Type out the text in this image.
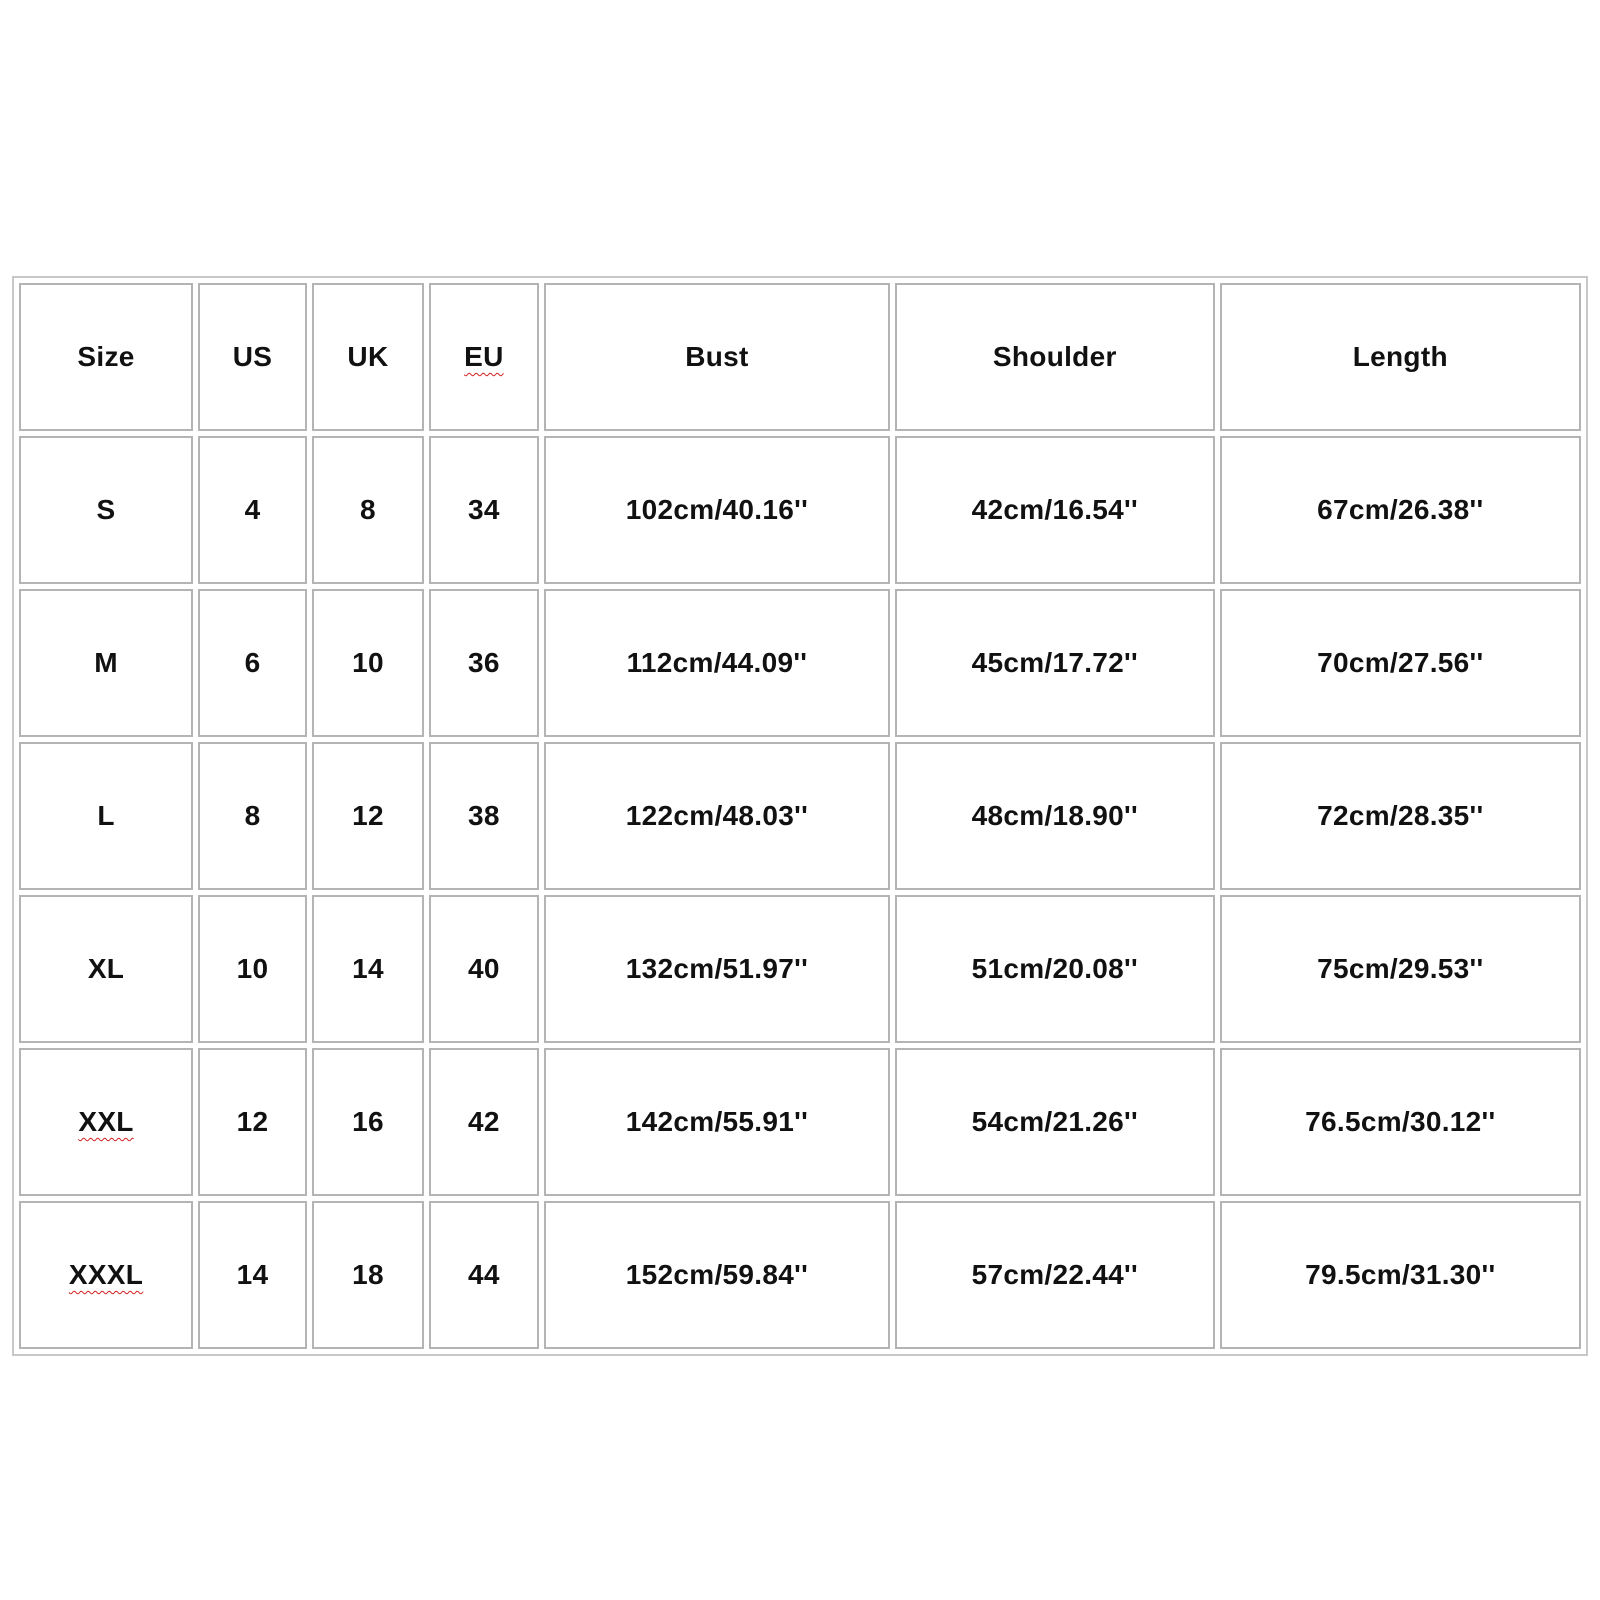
Size	US	UK	EU	Bust	Shoulder	Length
S	4	8	34	102cm/40.16''	42cm/16.54''	67cm/26.38''
M	6	10	36	112cm/44.09''	45cm/17.72''	70cm/27.56''
L	8	12	38	122cm/48.03''	48cm/18.90''	72cm/28.35''
XL	10	14	40	132cm/51.97''	51cm/20.08''	75cm/29.53''
XXL	12	16	42	142cm/55.91''	54cm/21.26''	76.5cm/30.12''
XXXL	14	18	44	152cm/59.84''	57cm/22.44''	79.5cm/31.30''
